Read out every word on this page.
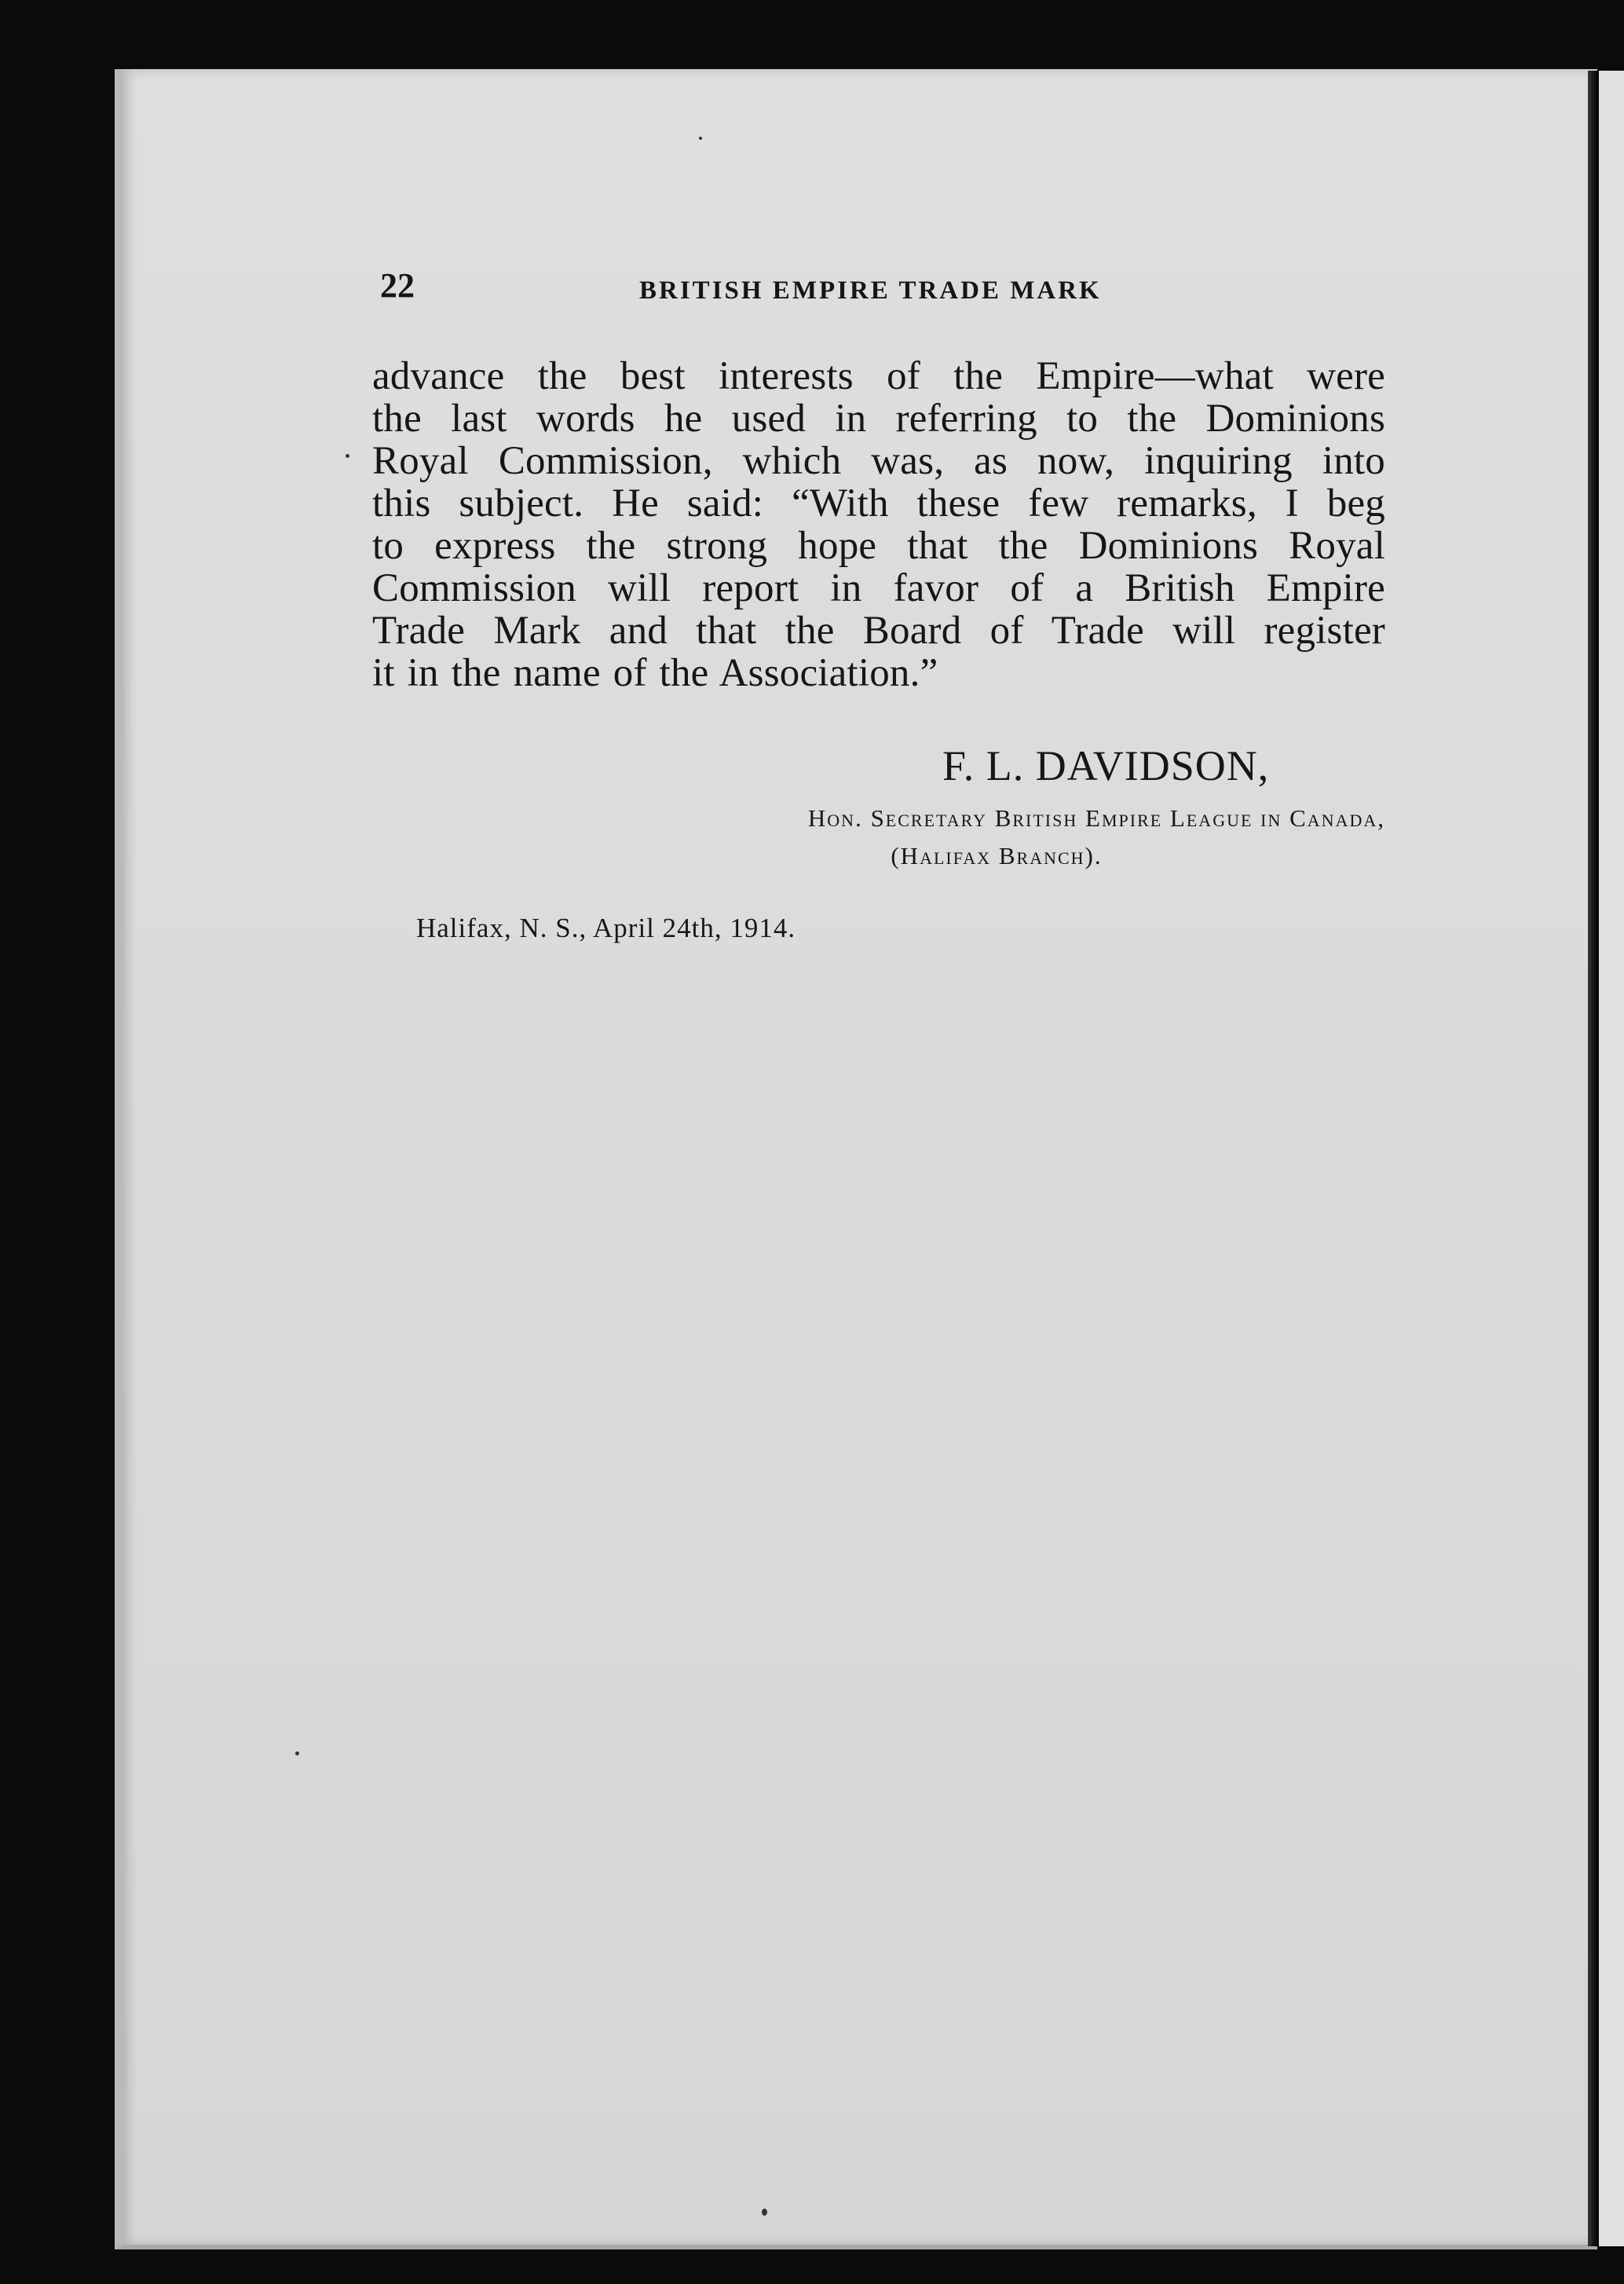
22	BRITISH EMPIRE TRADE MARK
advance the best interests of the Empire—what were
the last words he used in referring to the Dominions
Royal Commission, which was, as now, inquiring into
this subject. He said: “With these few remarks, I beg
to express the strong hope that the Dominions Royal
Commission will report in favor of a British Empire
Trade Mark and that the Board of Trade will register
it in the name of the Association.”
F. L. DAVIDSON,
Hon. Secretary British Empire League in Canada,
(Halifax Branch).
Halifax, N. S., April 24th, 1914.
